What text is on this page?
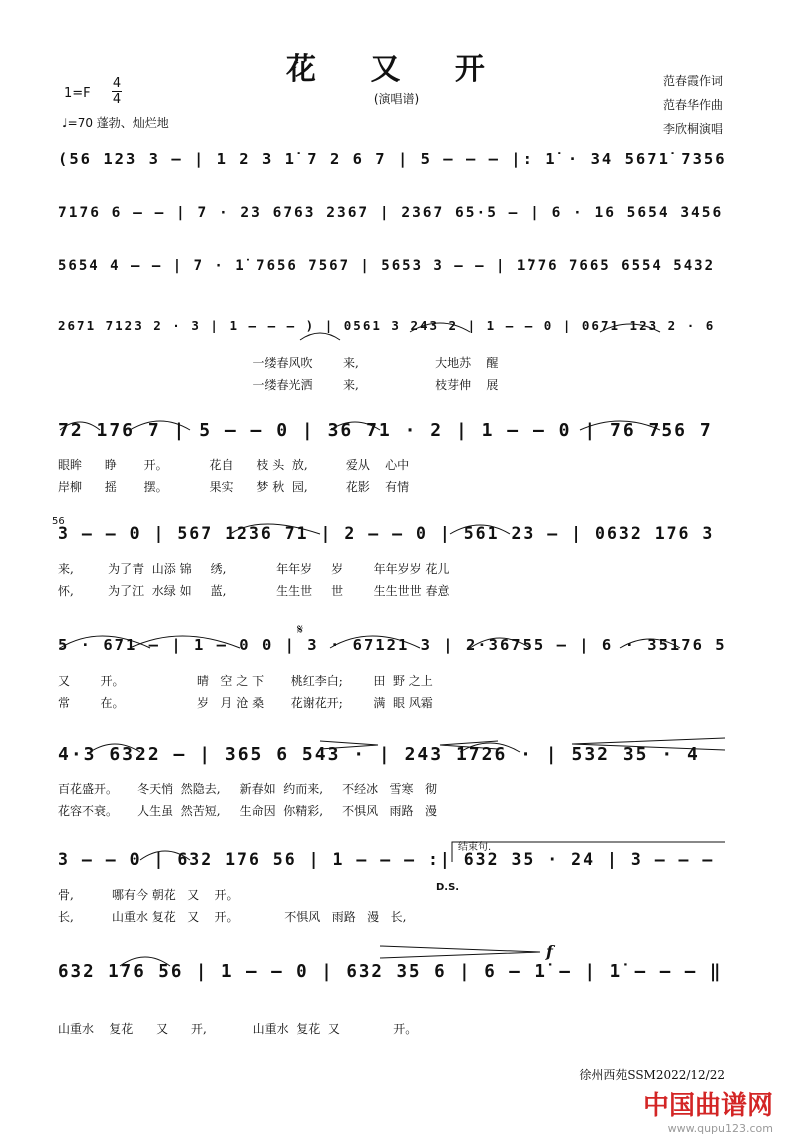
花 又 开
(演唱谱)
1=F
4
4
♩=70 蓬勃、灿烂地
范春霞作词
范春华作曲
李欣桐演唱
(56 123 3 – | 1 2 3 1̇ 7 2 6 7 | 5 – – – |: 1̇ · 34 5671̇ 7356
7176 6 – – | 7 · 23 6763 2367 | 2367 65·5 – | 6 · 16 5654 3456
5654 4 – – | 7 · 1̇ 7656 7567 | 5653 3 – – | 1̇776 7665 6554 5432
2671 7123 2 · 3 | 1 – – – ) | 0561 3 243 2 | 1 – – 0 | 0671 123 2 · 6
一缕春风吹        来,                    大地苏    醒
一缕春光洒        来,                    枝芽伸    展
72 176 7 | 5 – – 0 | 36 71 · 2 | 1 – – 0 | 76 756 7
眼眸      睁       开。           花自      枝 头  放,          爱从    心中
岸柳      摇       摆。           果实      梦 秋  园,          花影    有情
3 – – 0 | 567 1236 71 | 2 – – 0 | 561 23 – | 0632 176 3
来,         为了青  山添 锦     绣,             年年岁     岁        年年岁岁 花儿
怀,         为了江  水绿 如     蓝,             生生世     世        生生世世 春意
5 · 671 – | 1 – 0 0 | 3 · 67121 3 | 2·36755 – | 6 · 35176 5
又        开。                   晴   空 之 下       桃红李白;        田  野 之上
常        在。                   岁   月 沧 桑       花谢花开;        满  眼 风霜
4·3 6322 – | 365 6 543 · | 243 1726 · | 532 35 · 4
百花盛开。     冬天悄  然隐去,     新春如  约而来,     不经冰   雪寒   彻
花容不衰。     人生虽  然苦短,     生命因  你精彩,     不惧风   雨路   漫
3 – – 0 | 632 176 56 | 1 – – – :| 632 35 · 24 | 3 – – –
骨,          哪有今 朝花   又    开。
长,          山重水 复花   又    开。            不惧风   雨路   漫   长,
632 176 56 | 1 – – 0 | 632 35 6 | 6 – 1̇ – | 1̇ – – – ‖
山重水    复花      又      开,            山重水  复花  又              开。
结束句.
D.S.
𝄋
56
f
徐州西苑SSM2022/12/22
中国曲谱网
www.qupu123.com
